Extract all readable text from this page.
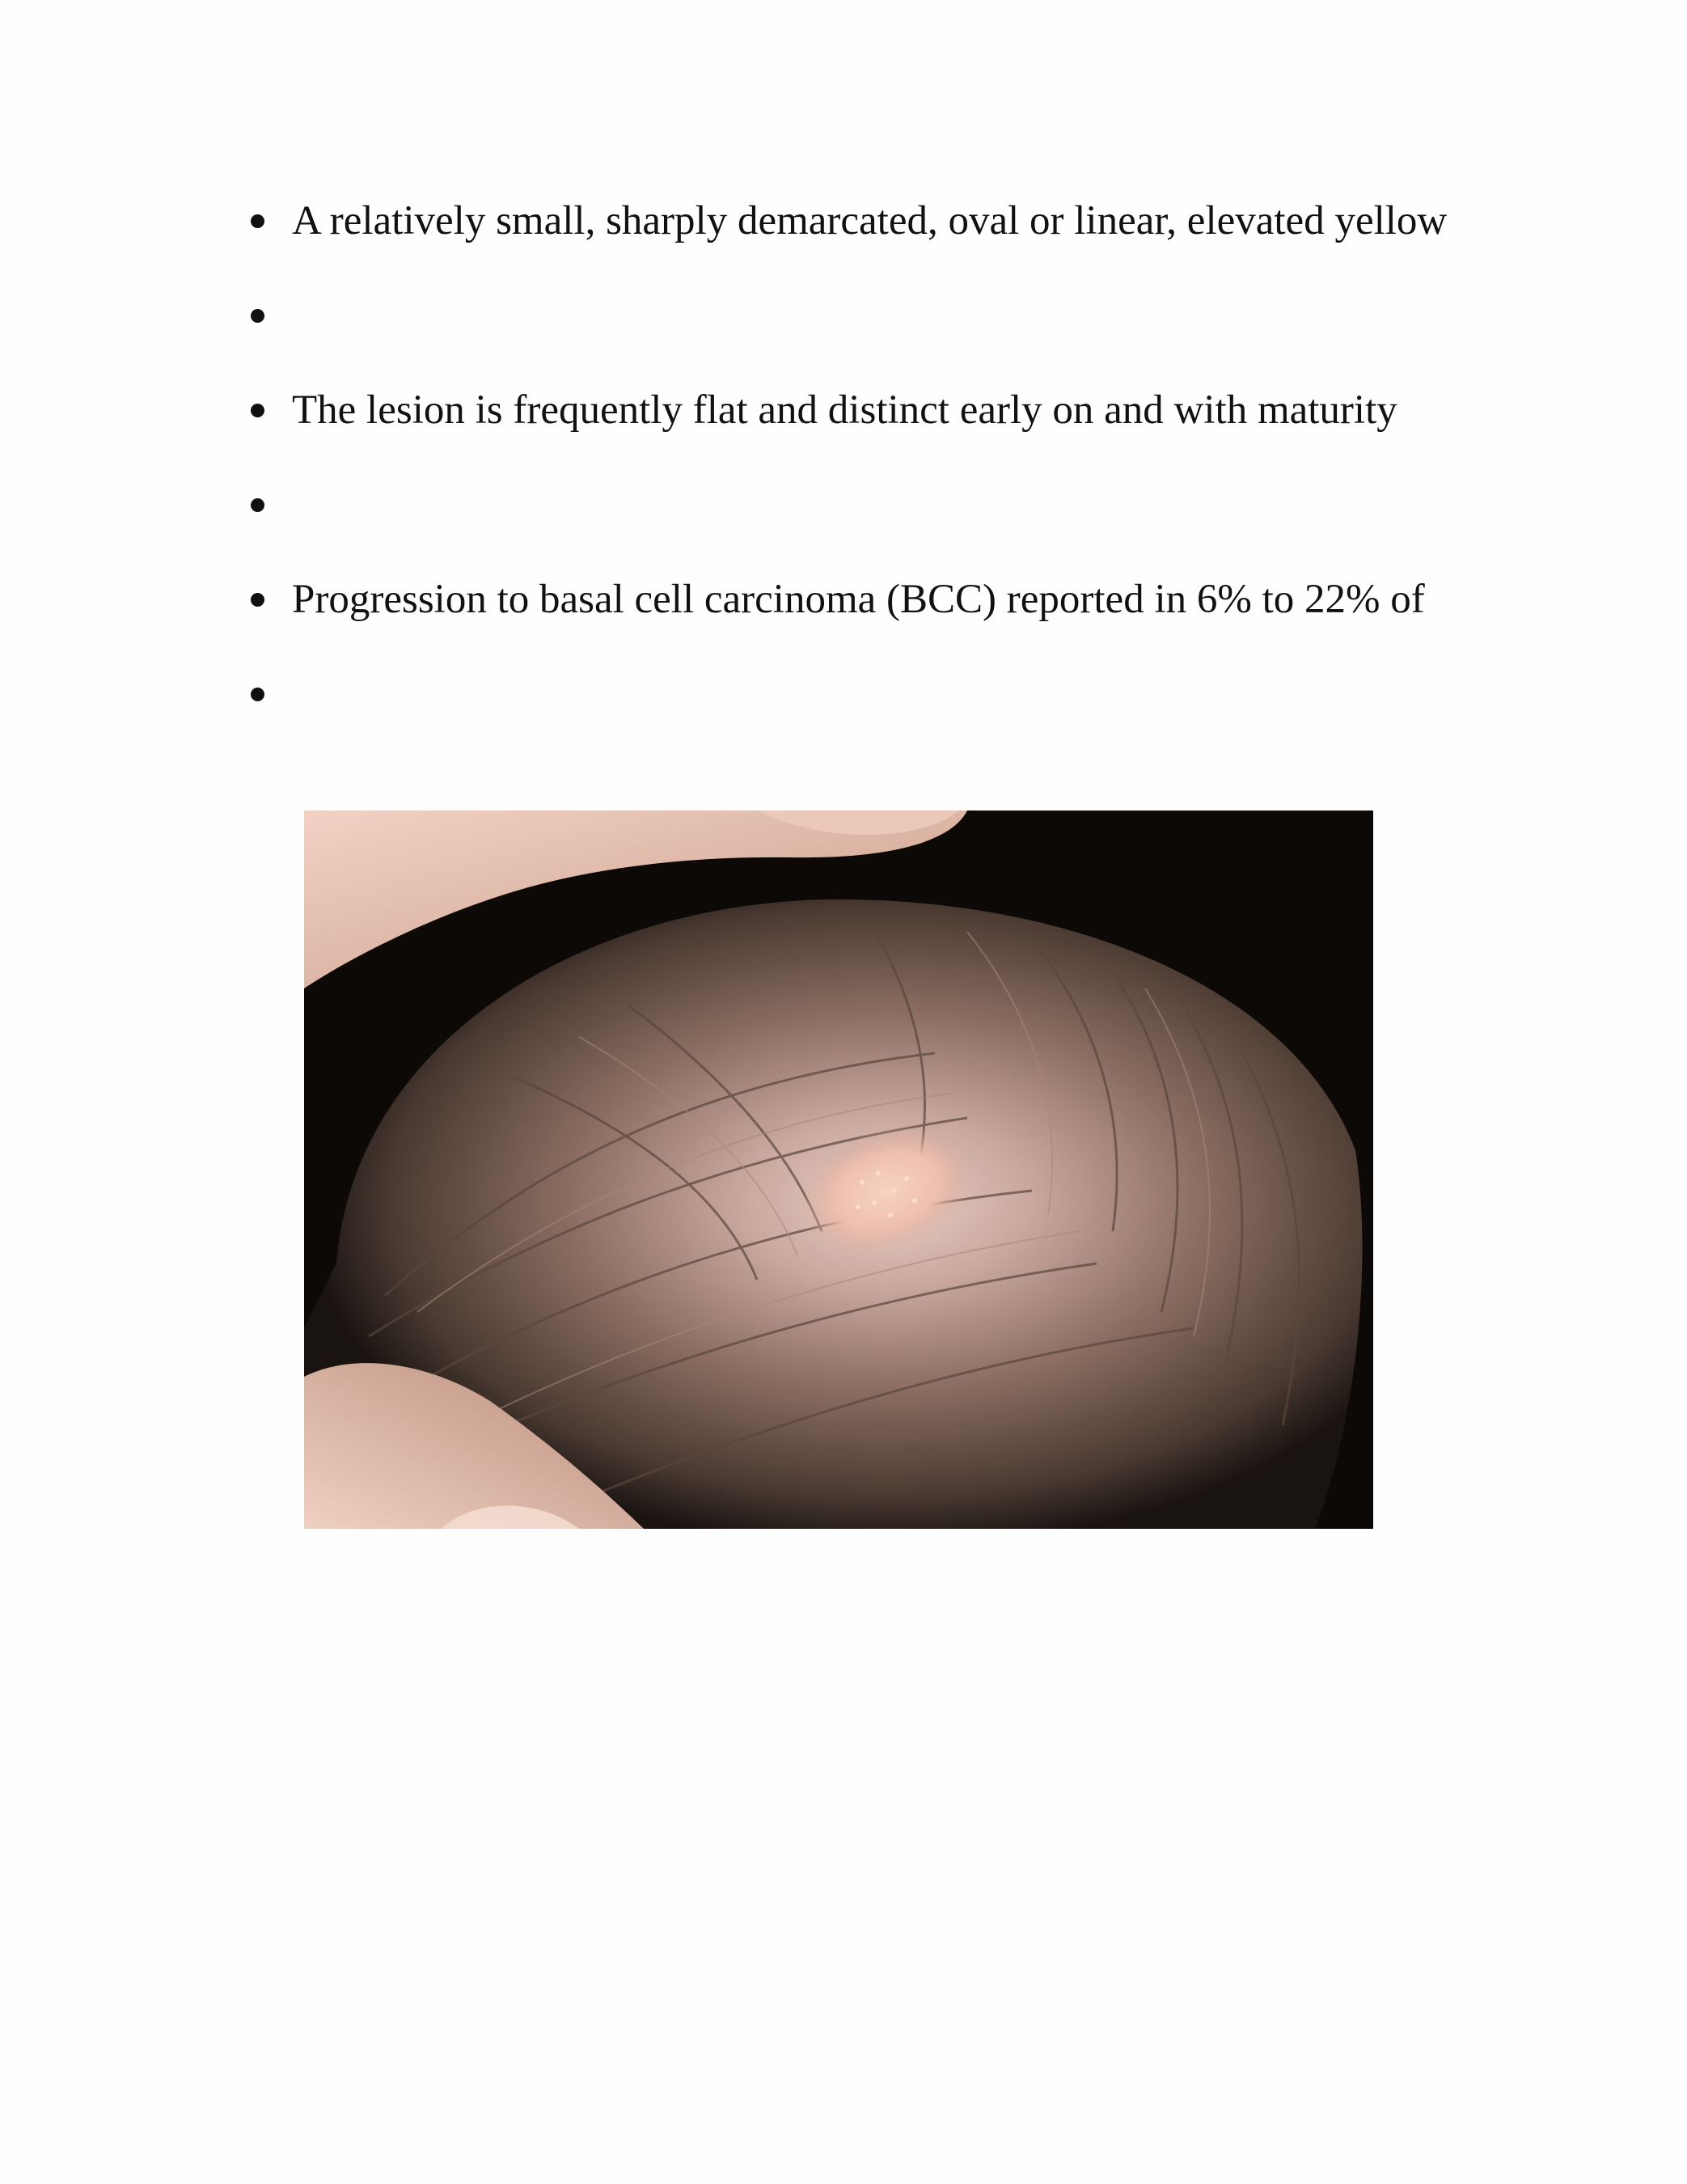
A relatively small, sharply demarcated, oval or linear, elevated yellow
The lesion is frequently flat and distinct early on and with maturity
Progression to basal cell carcinoma (BCC) reported in 6% to 22% of
